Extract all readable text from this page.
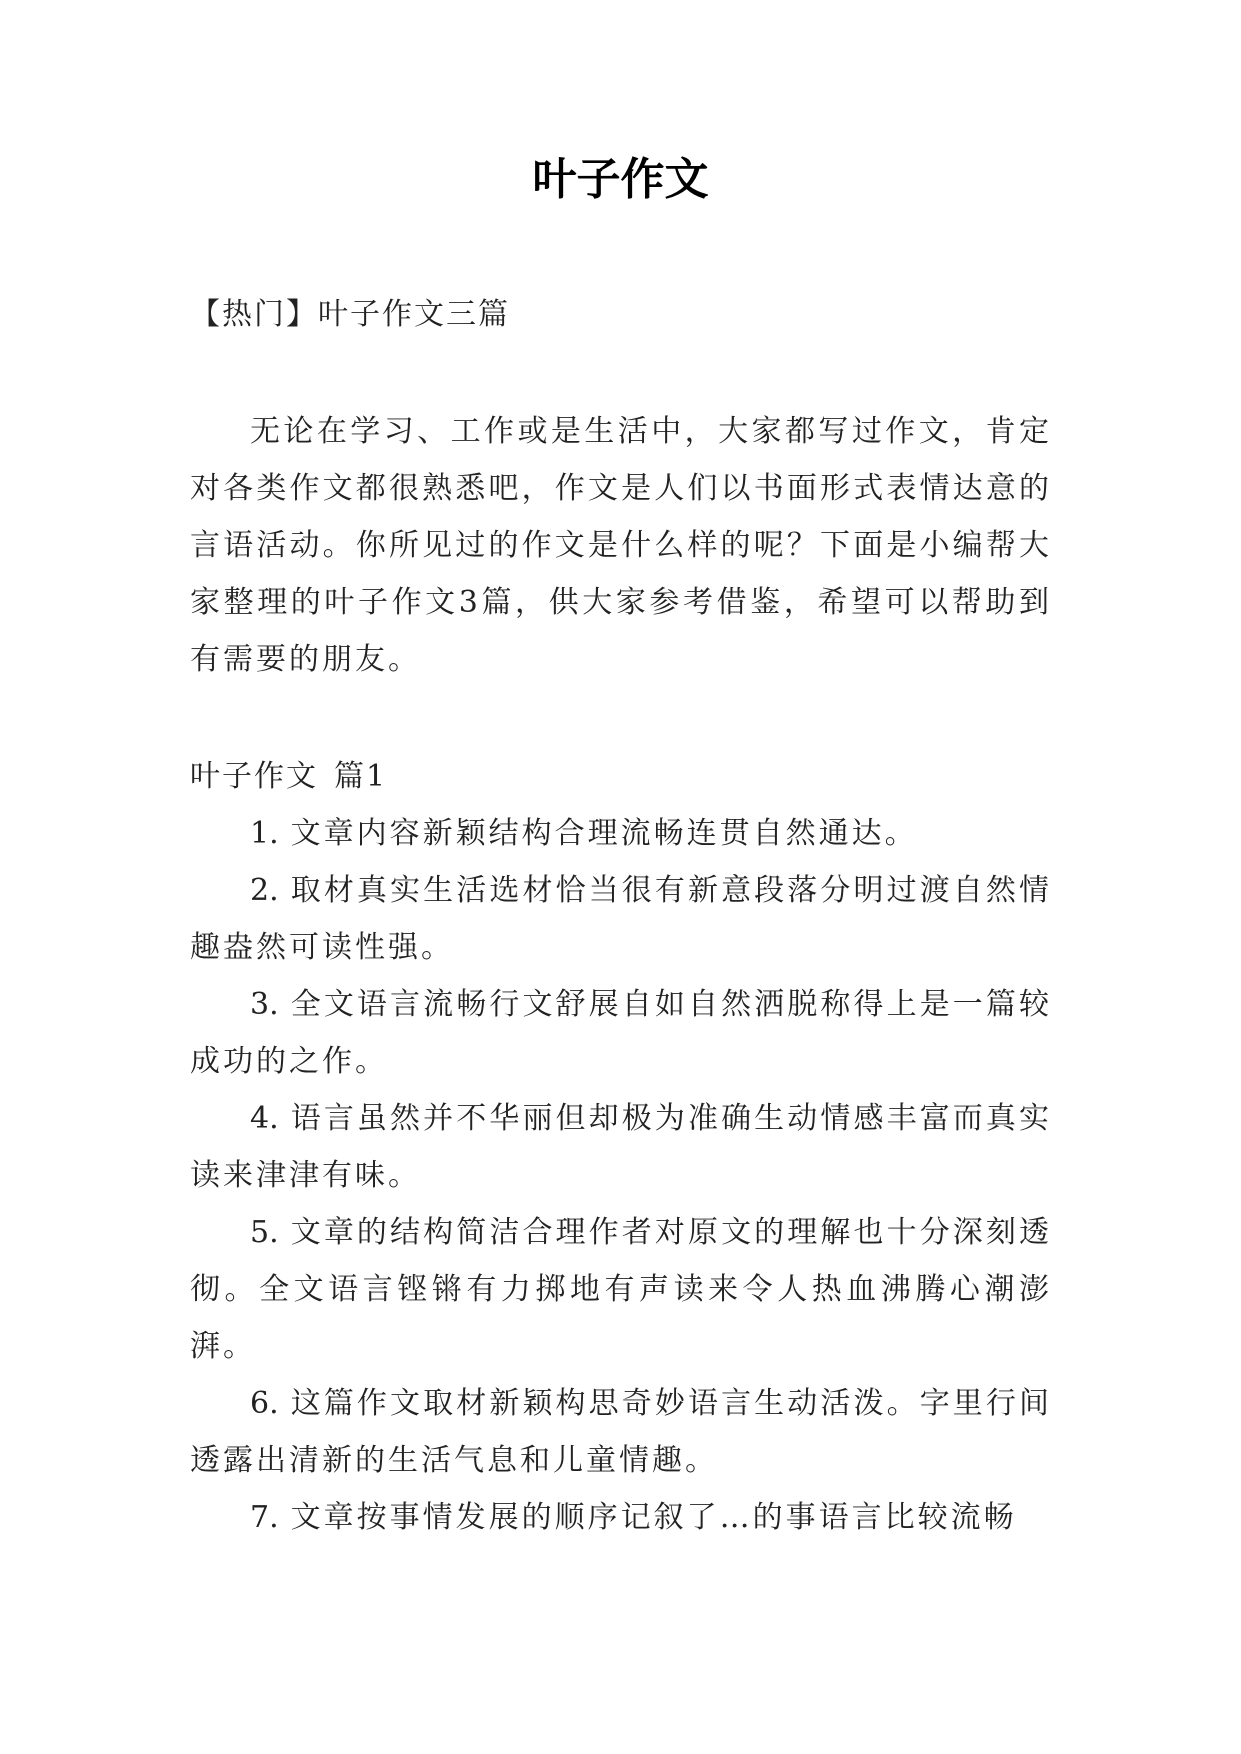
叶子作文

【热门】叶子作文三篇

无论在学习、工作或是生活中，大家都写过作文，肯定对各类作文都很熟悉吧，作文是人们以书面形式表情达意的言语活动。你所见过的作文是什么样的呢？下面是小编帮大家整理的叶子作文3篇，供大家参考借鉴，希望可以帮助到有需要的朋友。

叶子作文 篇1

1. 文章内容新颖结构合理流畅连贯自然通达。

2. 取材真实生活选材恰当很有新意段落分明过渡自然情趣盎然可读性强。

3. 全文语言流畅行文舒展自如自然洒脱称得上是一篇较成功的之作。

4. 语言虽然并不华丽但却极为准确生动情感丰富而真实读来津津有味。

5. 文章的结构简洁合理作者对原文的理解也十分深刻透彻。全文语言铿锵有力掷地有声读来令人热血沸腾心潮澎湃。

6. 这篇作文取材新颖构思奇妙语言生动活泼。字里行间透露出清新的生活气息和儿童情趣。

7. 文章按事情发展的顺序记叙了…的事语言比较流畅
